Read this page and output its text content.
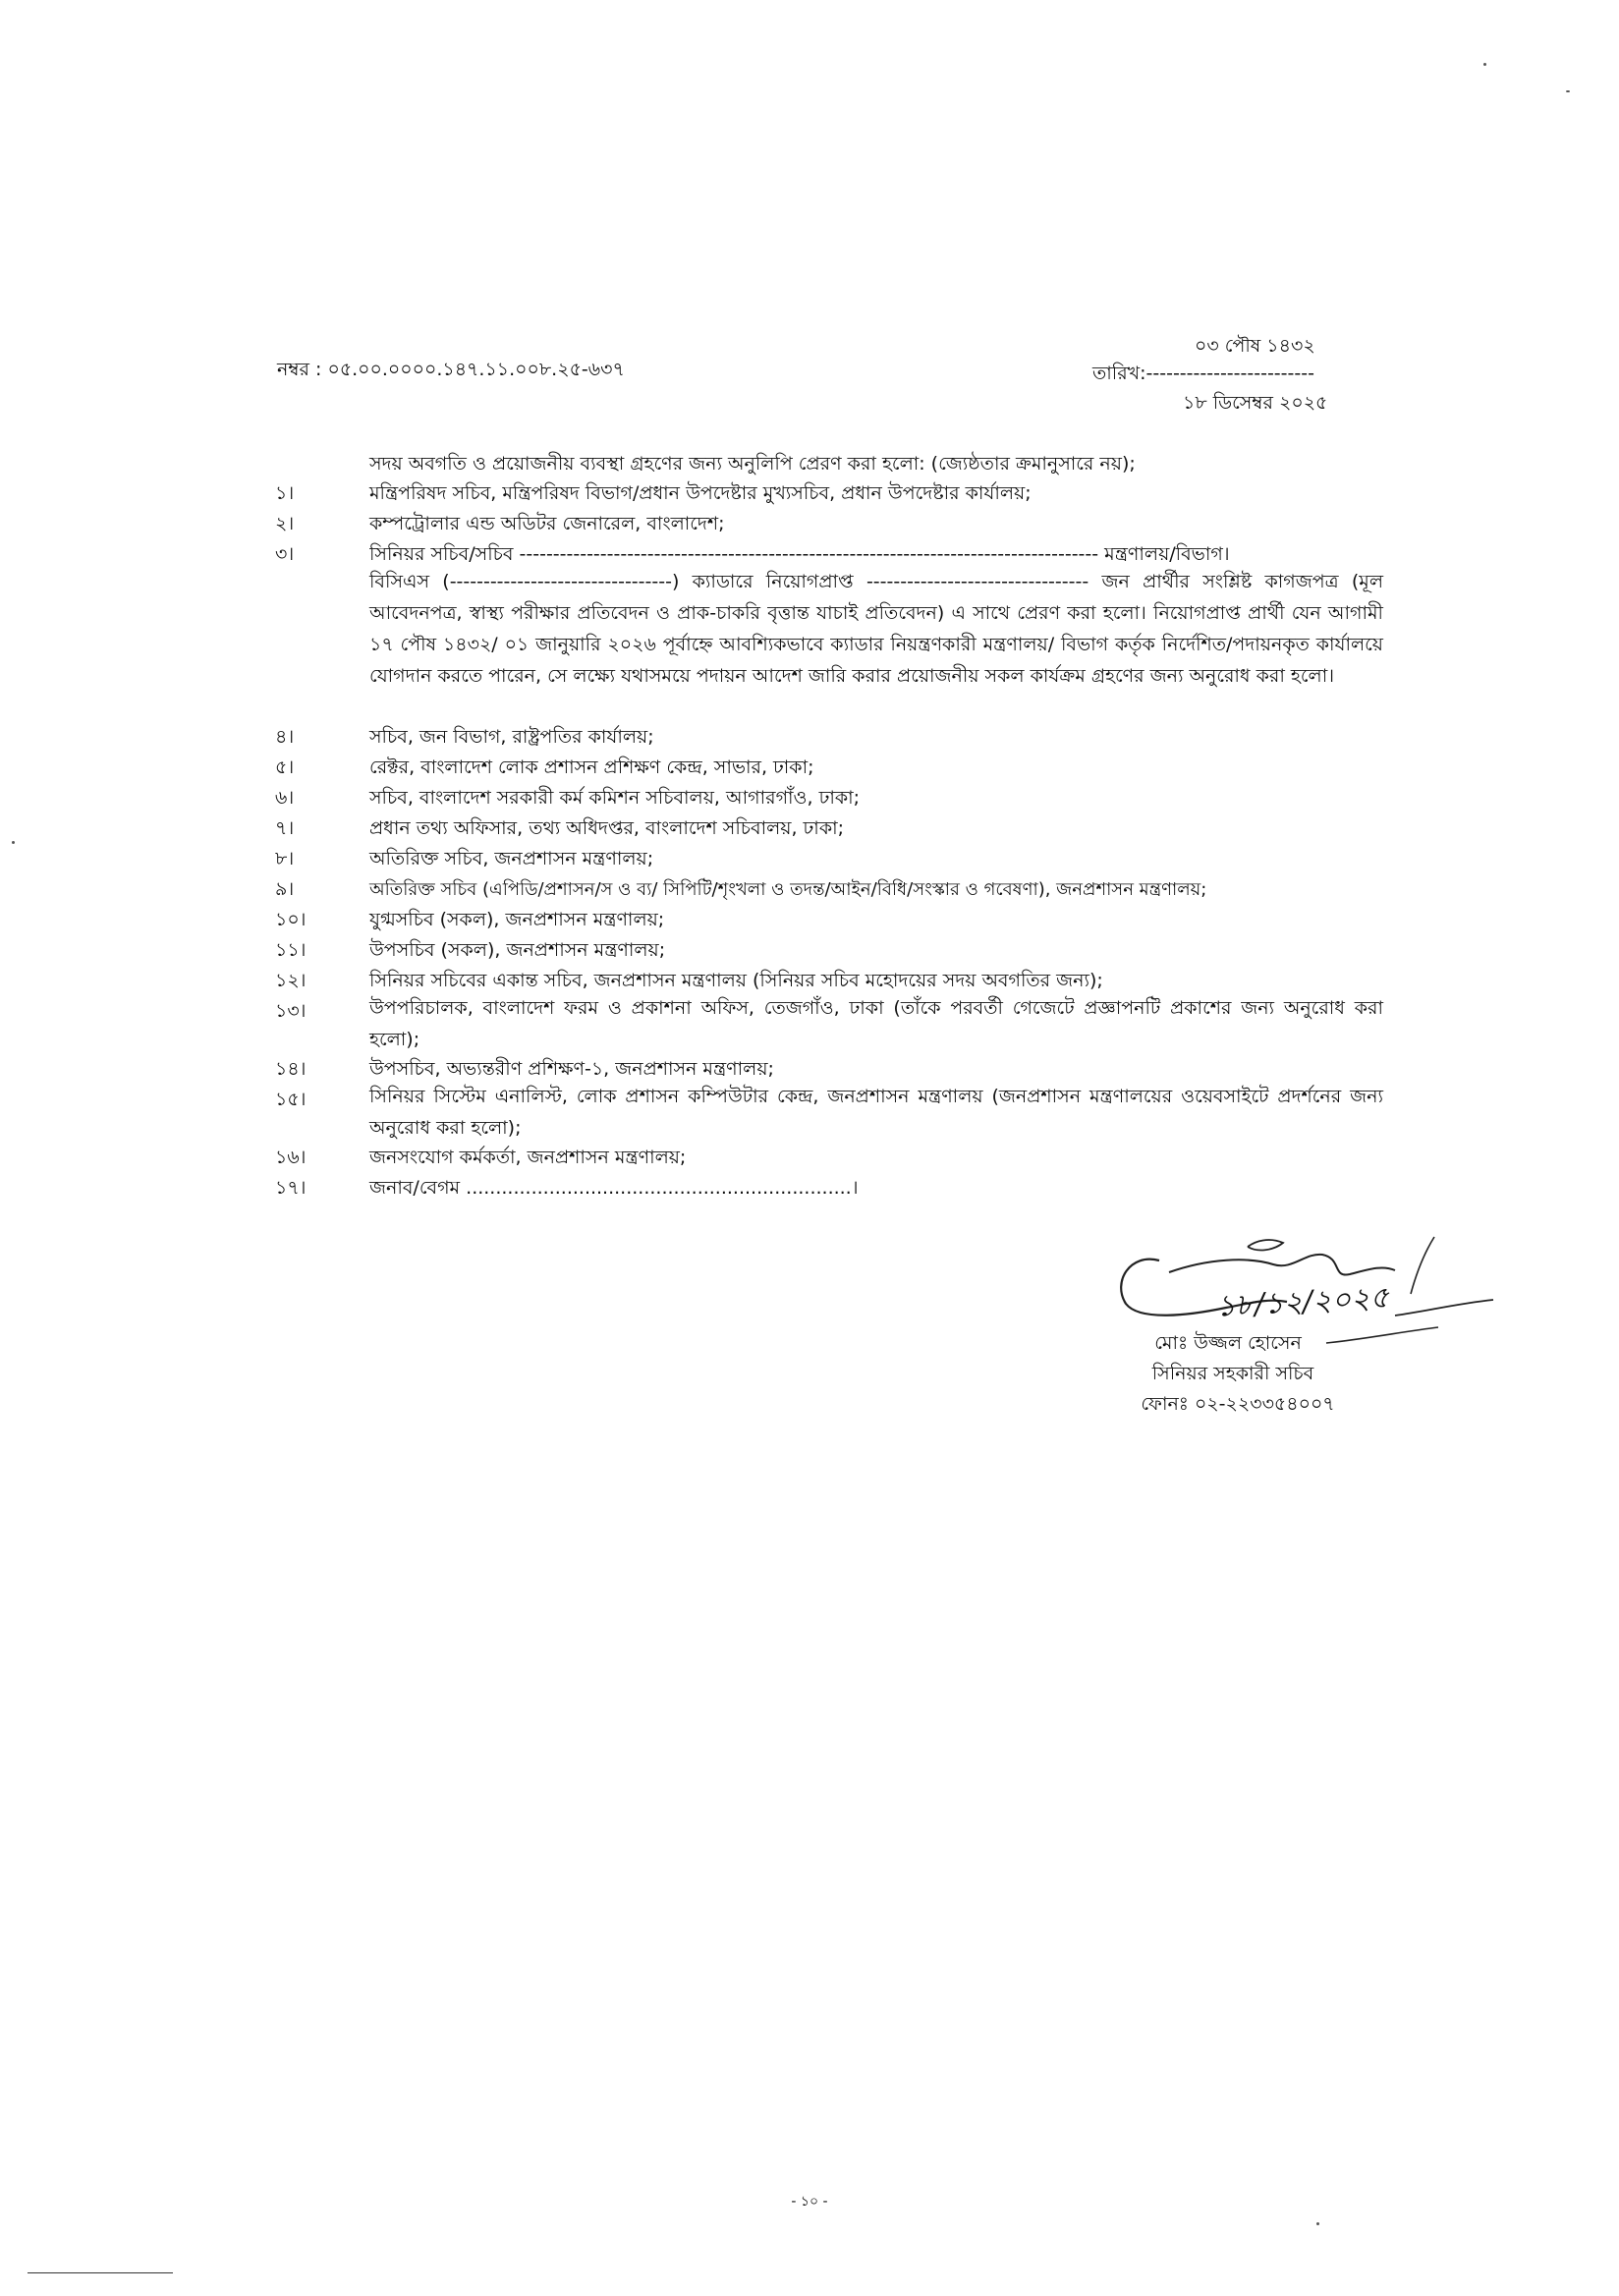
০৩ পৌষ ১৪৩২
নম্বর : ০৫.০০.০০০০.১৪৭.১১.০০৮.২৫-৬৩৭	তারিখ:-------------------------
১৮ ডিসেম্বর ২০২৫
সদয় অবগতি ও প্রয়োজনীয় ব্যবস্থা গ্রহণের জন্য অনুলিপি প্রেরণ করা হলো: (জ্যেষ্ঠতার ক্রমানুসারে নয়);
১।	মন্ত্রিপরিষদ সচিব, মন্ত্রিপরিষদ বিভাগ/প্রধান উপদেষ্টার মুখ্যসচিব, প্রধান উপদেষ্টার কার্যালয়;
২।	কম্পট্রোলার এন্ড অডিটর জেনারেল, বাংলাদেশ;
৩।	সিনিয়র সচিব/সচিব -------------------------------------------------------------------------------------- মন্ত্রণালয়/বিভাগ।
বিসিএস (---------------------------------) ক্যাডারে নিয়োগপ্রাপ্ত --------------------------------- জন প্রার্থীর সংশ্লিষ্ট কাগজপত্র (মূল আবেদনপত্র, স্বাস্থ্য পরীক্ষার প্রতিবেদন ও প্রাক-চাকরি বৃত্তান্ত যাচাই প্রতিবেদন) এ সাথে প্রেরণ করা হলো। নিয়োগপ্রাপ্ত প্রার্থী যেন আগামী ১৭ পৌষ ১৪৩২/ ০১ জানুয়ারি ২০২৬ পূর্বাহ্নে আবশ্যিকভাবে ক্যাডার নিয়ন্ত্রণকারী মন্ত্রণালয়/ বিভাগ কর্তৃক নির্দেশিত/পদায়নকৃত কার্যালয়ে যোগদান করতে পারেন, সে লক্ষ্যে যথাসময়ে পদায়ন আদেশ জারি করার প্রয়োজনীয় সকল কার্যক্রম গ্রহণের জন্য অনুরোধ করা হলো।
৪।	সচিব, জন বিভাগ, রাষ্ট্রপতির কার্যালয়;
৫।	রেক্টর, বাংলাদেশ লোক প্রশাসন প্রশিক্ষণ কেন্দ্র, সাভার, ঢাকা;
৬।	সচিব, বাংলাদেশ সরকারী কর্ম কমিশন সচিবালয়, আগারগাঁও, ঢাকা;
৭।	প্রধান তথ্য অফিসার, তথ্য অধিদপ্তর, বাংলাদেশ সচিবালয়, ঢাকা;
৮।	অতিরিক্ত সচিব, জনপ্রশাসন মন্ত্রণালয়;
৯।	অতিরিক্ত সচিব (এপিডি/প্রশাসন/স ও ব্য/ সিপিটি/শৃংখলা ও তদন্ত/আইন/বিধি/সংস্কার ও গবেষণা), জনপ্রশাসন মন্ত্রণালয়;
১০।	যুগ্মসচিব (সকল), জনপ্রশাসন মন্ত্রণালয়;
১১।	উপসচিব (সকল), জনপ্রশাসন মন্ত্রণালয়;
১২।	সিনিয়র সচিবের একান্ত সচিব, জনপ্রশাসন মন্ত্রণালয় (সিনিয়র সচিব মহোদয়ের সদয় অবগতির জন্য);
১৩।	উপপরিচালক, বাংলাদেশ ফরম ও প্রকাশনা অফিস, তেজগাঁও, ঢাকা (তাঁকে পরবর্তী গেজেটে প্রজ্ঞাপনটি প্রকাশের জন্য অনুরোধ করা হলো);
১৪।	উপসচিব, অভ্যন্তরীণ প্রশিক্ষণ-১, জনপ্রশাসন মন্ত্রণালয়;
১৫।	সিনিয়র সিস্টেম এনালিস্ট, লোক প্রশাসন কম্পিউটার কেন্দ্র, জনপ্রশাসন মন্ত্রণালয় (জনপ্রশাসন মন্ত্রণালয়ের ওয়েবসাইটে প্রদর্শনের জন্য অনুরোধ করা হলো);
১৬।	জনসংযোগ কর্মকর্তা, জনপ্রশাসন মন্ত্রণালয়;
১৭।	জনাব/বেগম .................................................................।
১৮/১২/২০২৫
মোঃ উজ্জল হোসেন
সিনিয়র সহকারী সচিব
ফোনঃ ০২-২২৩৩৫৪০০৭
- ১০ -
